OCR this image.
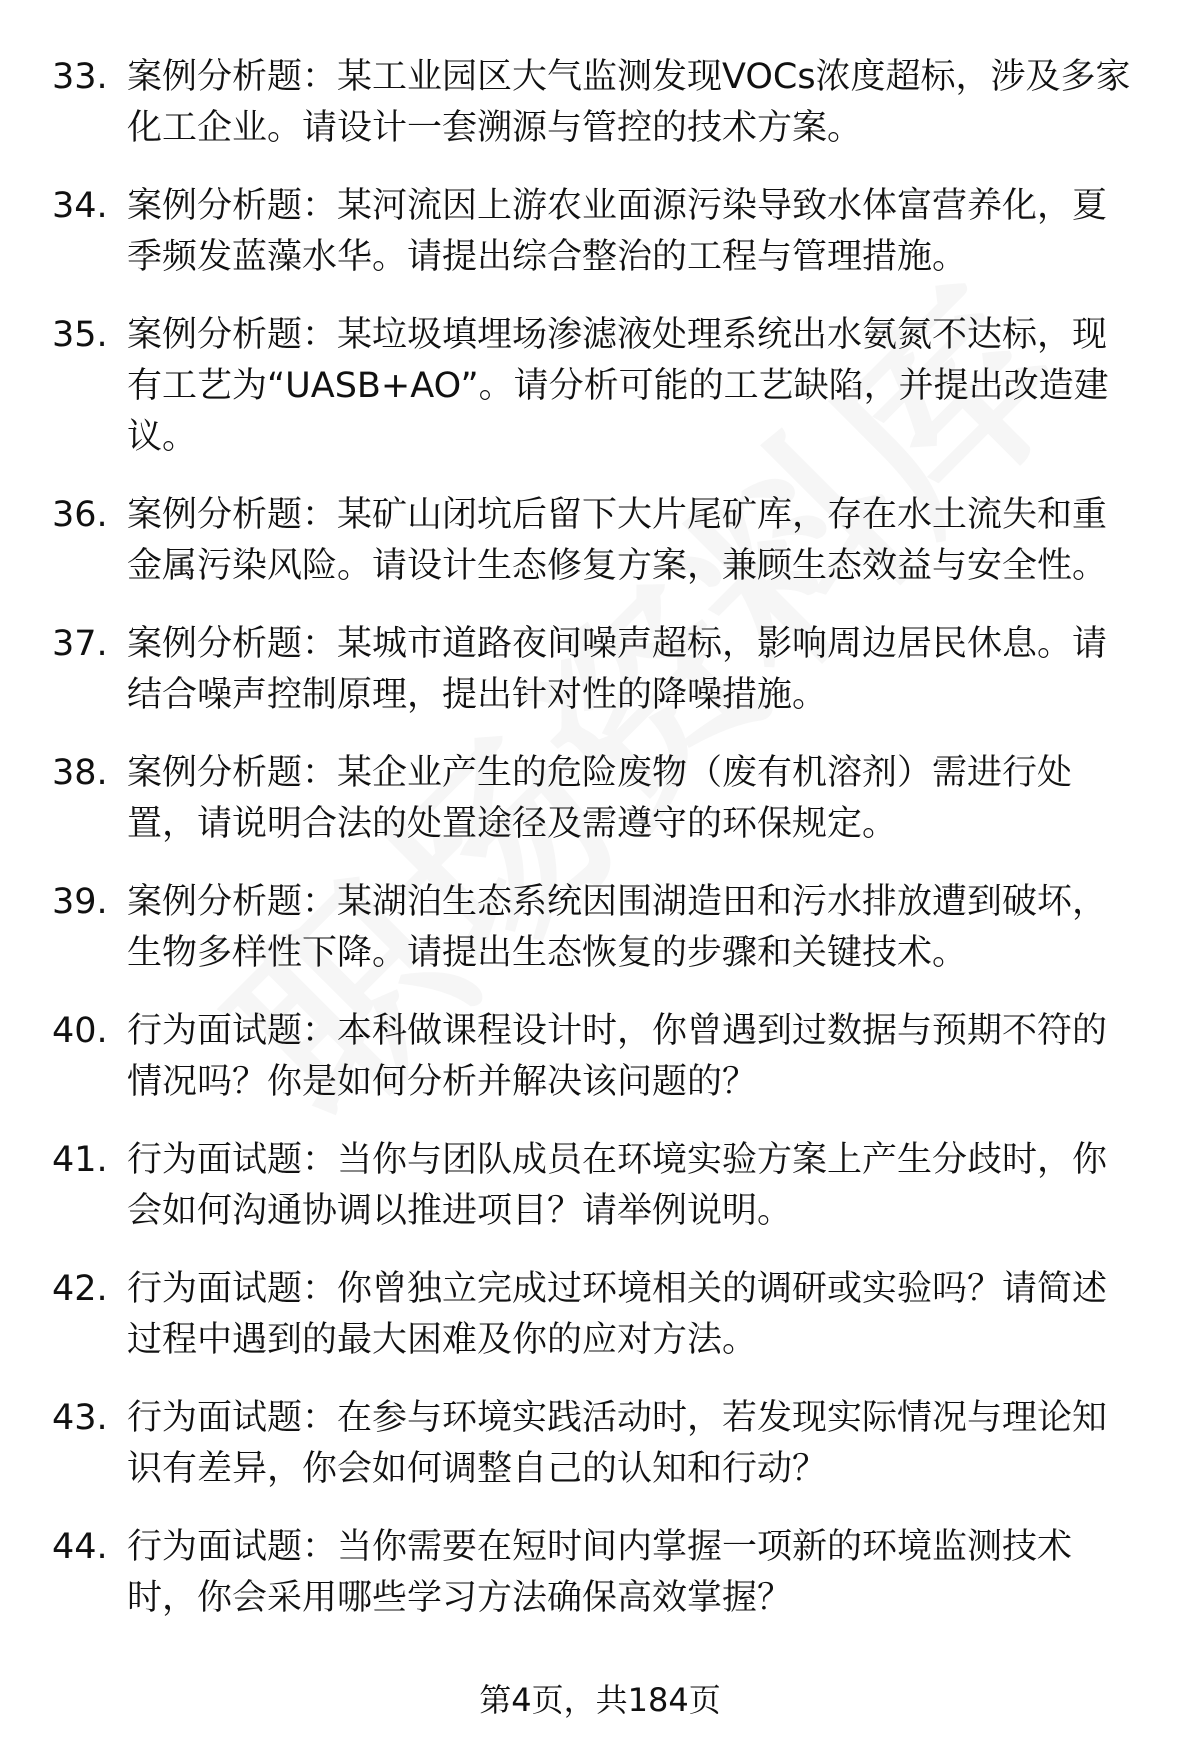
33. 案例分析题：某工业园区大气监测发现VOCs浓度超标，涉及多家化工企业。请设计一套溯源与管控的技术方案。
34. 案例分析题：某河流因上游农业面源污染导致水体富营养化，夏季频发蓝藻水华。请提出综合整治的工程与管理措施。
35. 案例分析题：某垃圾填埋场渗滤液处理系统出水氨氮不达标，现有工艺为“UASB+AO”。请分析可能的工艺缺陷，并提出改造建议。
36. 案例分析题：某矿山闭坑后留下大片尾矿库，存在水土流失和重金属污染风险。请设计生态修复方案，兼顾生态效益与安全性。
37. 案例分析题：某城市道路夜间噪声超标，影响周边居民休息。请结合噪声控制原理，提出针对性的降噪措施。
38. 案例分析题：某企业产生的危险废物（废有机溶剂）需进行处置，请说明合法的处置途径及需遵守的环保规定。
39. 案例分析题：某湖泊生态系统因围湖造田和污水排放遭到破坏，生物多样性下降。请提出生态恢复的步骤和关键技术。
40. 行为面试题：本科做课程设计时，你曾遇到过数据与预期不符的情况吗？你是如何分析并解决该问题的？
41. 行为面试题：当你与团队成员在环境实验方案上产生分歧时，你会如何沟通协调以推进项目？请举例说明。
42. 行为面试题：你曾独立完成过环境相关的调研或实验吗？请简述过程中遇到的最大困难及你的应对方法。
43. 行为面试题：在参与环境实践活动时，若发现实际情况与理论知识有差异，你会如何调整自己的认知和行动？
44. 行为面试题：当你需要在短时间内掌握一项新的环境监测技术时，你会采用哪些学习方法确保高效掌握？
第4页，共184页
